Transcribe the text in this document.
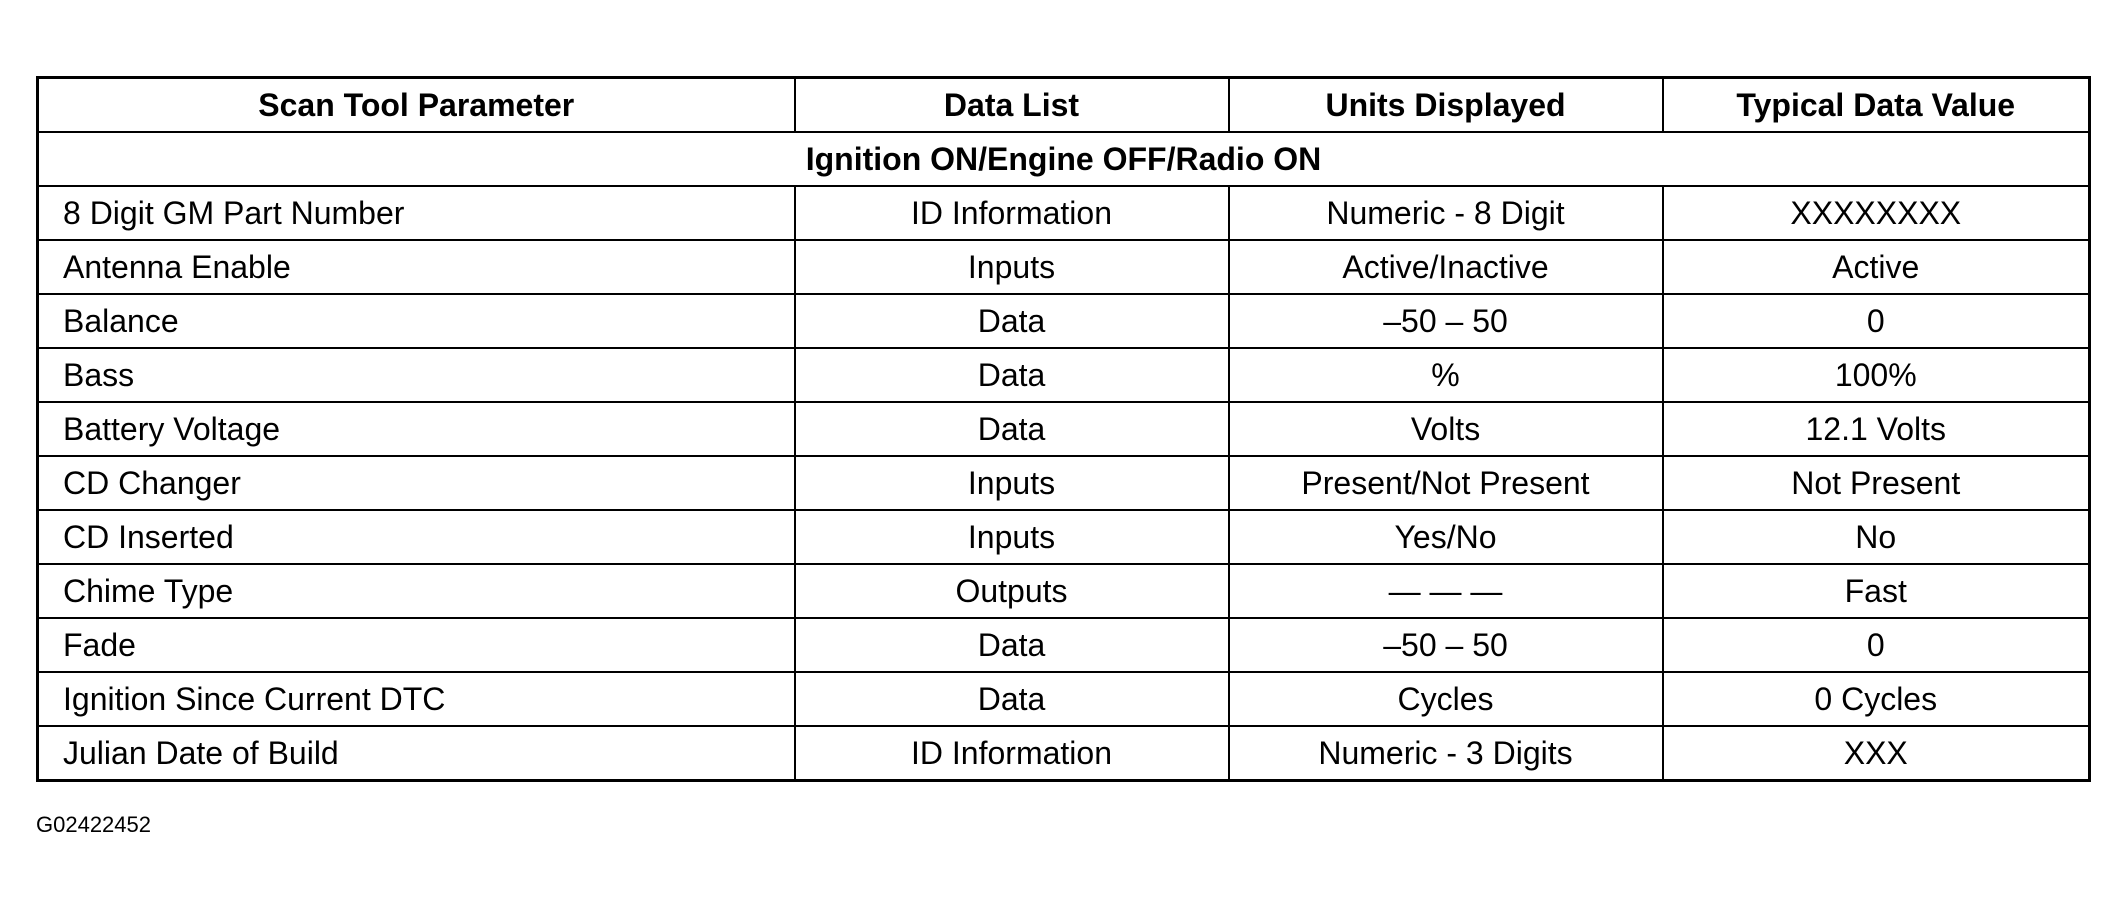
Scan Tool Parameter	Data List	Units Displayed	Typical Data Value
Ignition ON/Engine OFF/Radio ON			
8 Digit GM Part Number	ID Information	Numeric - 8 Digit	XXXXXXXX
Antenna Enable	Inputs	Active/Inactive	Active
Balance	Data	–50 – 50	0
Bass	Data	%	100%
Battery Voltage	Data	Volts	12.1 Volts
CD Changer	Inputs	Present/Not Present	Not Present
CD Inserted	Inputs	Yes/No	No
Chime Type	Outputs	— — —	Fast
Fade	Data	–50 – 50	0
Ignition Since Current DTC	Data	Cycles	0 Cycles
Julian Date of Build	ID Information	Numeric - 3 Digits	XXX
G02422452
